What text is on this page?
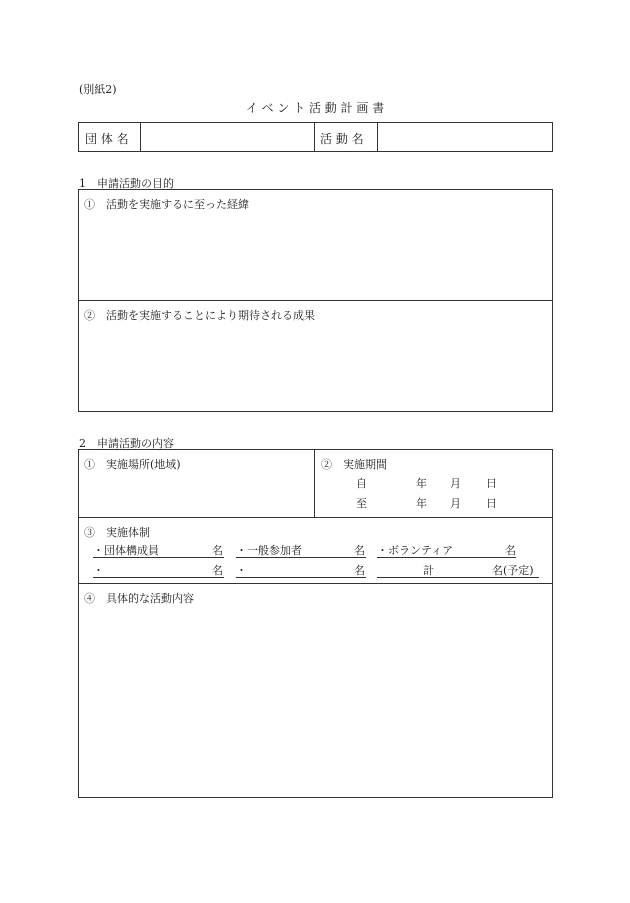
(別紙2)
イ ベ ン ト 活 動 計 画 書
団 体 名	活 動 名
1　申請活動の目的
①　活動を実施するに至った経緯
②　活動を実施することにより期待される成果
2　申請活動の内容
①　実施場所(地域)	②　実施期間
自	年 月 日
至	年 月 日
③　実施体制
・団体構成員	名 ・一般参加者	名 ・ボランティア	名
・	名 ・	名	計	名(予定)
④　具体的な活動内容
